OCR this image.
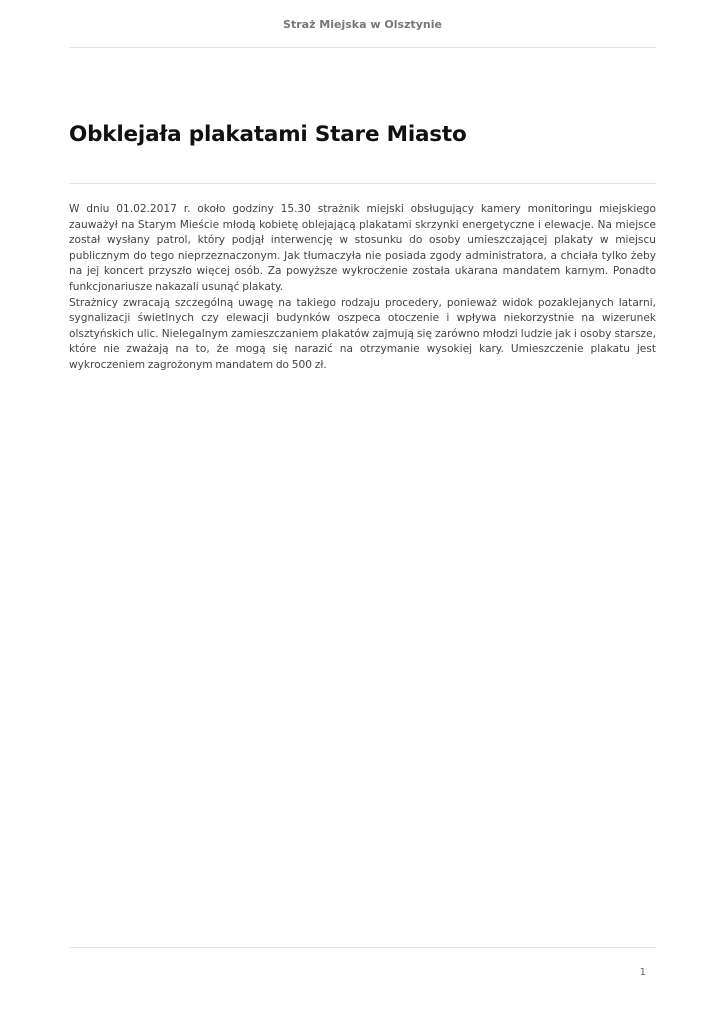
Straż Miejska w Olsztynie
Obklejała plakatami Stare Miasto

W dniu 01.02.2017 r. około godziny 15.30 strażnik miejski obsługujący kamery monitoringu miejskiego zauważył na Starym Mieście młodą kobietę oblejającą plakatami skrzynki energetyczne i elewacje. Na miejsce został wysłany patrol, który podjął interwencję w stosunku do osoby umieszczającej plakaty w miejscu publicznym do tego nieprzeznaczonym. Jak tłumaczyła nie posiada zgody administratora, a chciała tylko żeby na jej koncert przyszło więcej osób. Za powyższe wykroczenie została ukarana mandatem karnym. Ponadto funkcjonariusze nakazali usunąć plakaty.

Strażnicy zwracają szczególną uwagę na takiego rodzaju procedery, ponieważ widok pozaklejanych latarni, sygnalizacji świetlnych czy elewacji budynków oszpeca otoczenie i wpływa niekorzystnie na wizerunek olsztyńskich ulic. Nielegalnym zamieszczaniem plakatów zajmują się zarówno młodzi ludzie jak i osoby starsze, które nie zważają na to, że mogą się narazić na otrzymanie wysokiej kary. Umieszczenie plakatu jest wykroczeniem zagrożonym mandatem do 500 zł.

1
